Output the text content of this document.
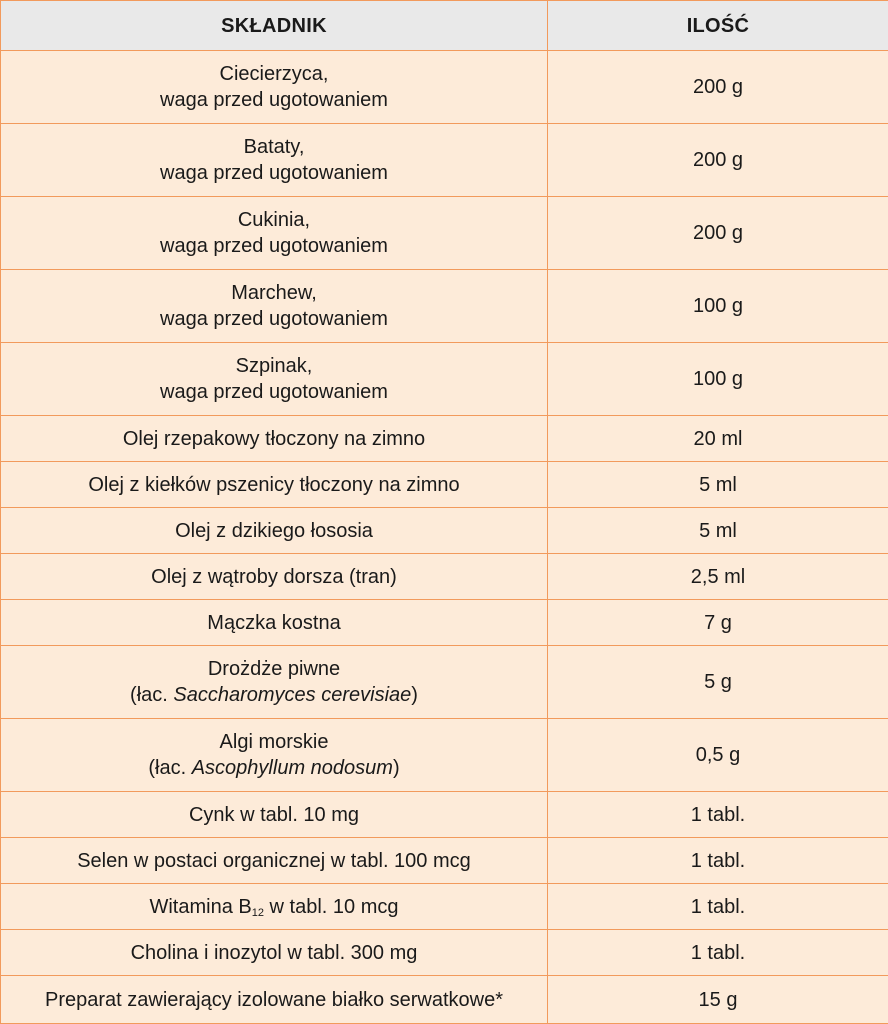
SKŁADNIK	ILOŚĆ
Ciecierzyca,
waga przed ugotowaniem	200 g
Bataty,
waga przed ugotowaniem	200 g
Cukinia,
waga przed ugotowaniem	200 g
Marchew,
waga przed ugotowaniem	100 g
Szpinak,
waga przed ugotowaniem	100 g
Olej rzepakowy tłoczony na zimno	20 ml
Olej z kiełków pszenicy tłoczony na zimno	5 ml
Olej z dzikiego łososia	5 ml
Olej z wątroby dorsza (tran)	2,5 ml
Mączka kostna	7 g
Drożdże piwne
(łac. Saccharomyces cerevisiae)	5 g
Algi morskie
(łac. Ascophyllum nodosum)	0,5 g
Cynk w tabl. 10 mg	1 tabl.
Selen w postaci organicznej w tabl. 100 mcg	1 tabl.
Witamina $B_{12}$ w tabl. 10 mcg	1 tabl.
Cholina i inozytol w tabl. 300 mg	1 tabl.
Preparat zawierający izolowane białko serwatkowe*	15 g
